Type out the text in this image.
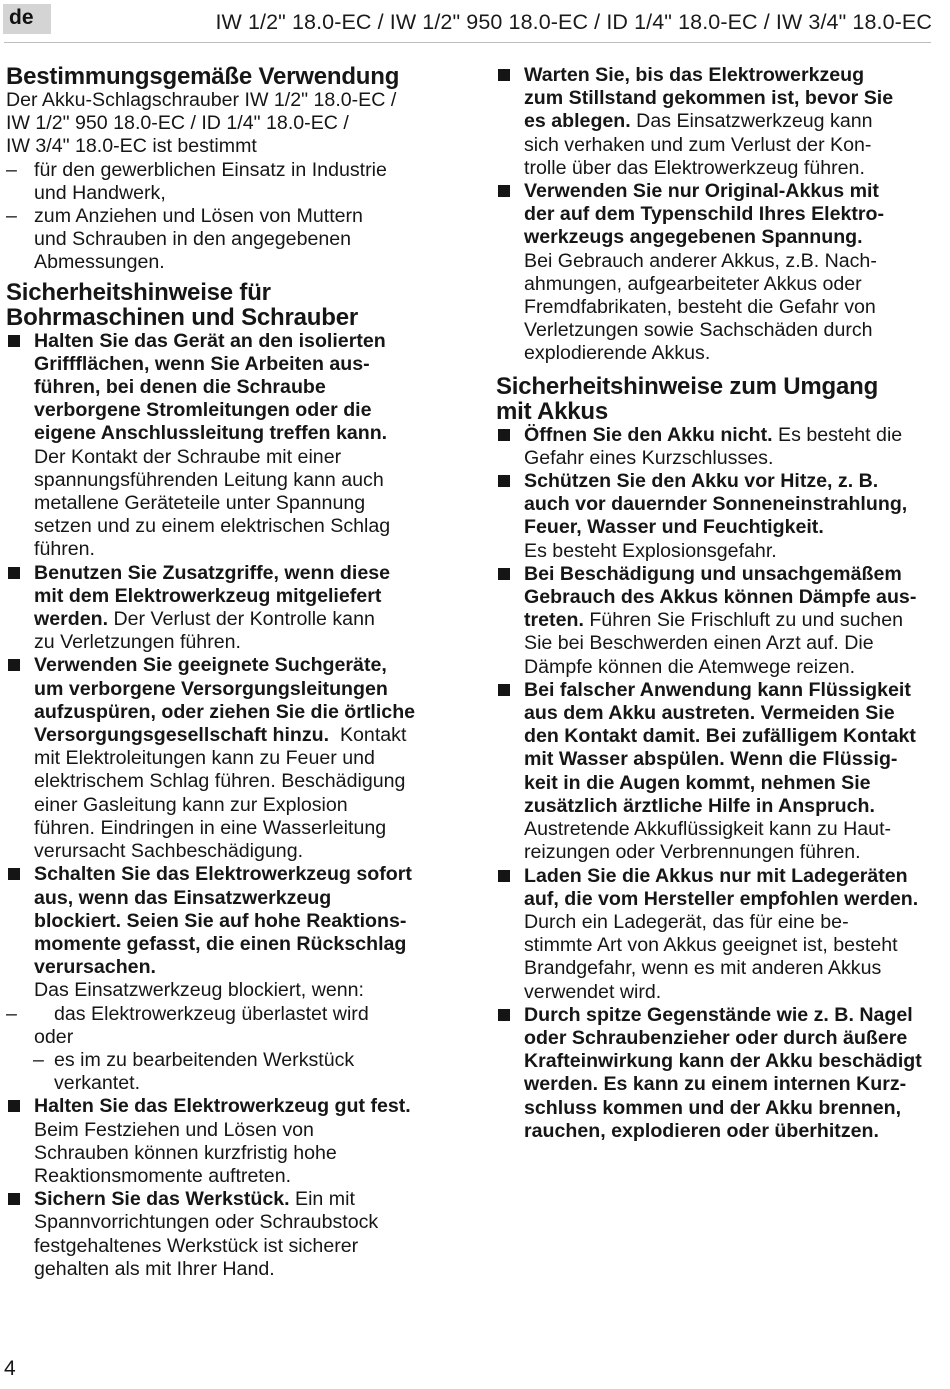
de	IW 1/2" 18.0-EC / IW 1/2" 950 18.0-EC / ID 1/4" 18.0-EC / IW 3/4" 18.0-EC
Bestimmungsgemäße Verwendung

Der Akku-Schlagschrauber IW 1/2" 18.0-EC /

IW 1/2" 950 18.0-EC / ID 1/4" 18.0-EC /

IW 3/4" 18.0-EC ist bestimmt

– für den gewerblichen Einsatz in Industrie

und Handwerk,

– zum Anziehen und Lösen von Muttern

und Schrauben in den angegebenen

Abmessungen.

Sicherheitshinweise für
Bohrmaschinen und Schrauber

Halten Sie das Gerät an den isolierten

Griffflächen, wenn Sie Arbeiten aus-

führen, bei denen die Schraube

verborgene Stromleitungen oder die

eigene Anschlussleitung treffen kann.

Der Kontakt der Schraube mit einer

spannungsführenden Leitung kann auch

metallene Geräteteile unter Spannung

setzen und zu einem elektrischen Schlag

führen.

Benutzen Sie Zusatzgriffe, wenn diese

mit dem Elektrowerkzeug mitgeliefert

werden. Der Verlust der Kontrolle kann

zu Verletzungen führen.

Verwenden Sie geeignete Suchgeräte,

um verborgene Versorgungsleitungen

aufzuspüren, oder ziehen Sie die örtliche

Versorgungsgesellschaft hinzu.  Kontakt

mit Elektroleitungen kann zu Feuer und

elektrischem Schlag führen. Beschädigung

einer Gasleitung kann zur Explosion

führen. Eindringen in eine Wasserleitung

verursacht Sachbeschädigung.

Schalten Sie das Elektrowerkzeug sofort

aus, wenn das Einsatzwerkzeug

blockiert. Seien Sie auf hohe Reaktions-

momente gefasst, die einen Rückschlag

verursachen.

Das Einsatzwerkzeug blockiert, wenn:

– das Elektrowerkzeug überlastet wird

oder

– es im zu bearbeitenden Werkstück

verkantet.

Halten Sie das Elektrowerkzeug gut fest.

Beim Festziehen und Lösen von

Schrauben können kurzfristig hohe

Reaktionsmomente auftreten.

Sichern Sie das Werkstück. Ein mit

Spannvorrichtungen oder Schraubstock

festgehaltenes Werkstück ist sicherer

gehalten als mit Ihrer Hand.

Warten Sie, bis das Elektrowerkzeug

zum Stillstand gekommen ist, bevor Sie

es ablegen. Das Einsatzwerkzeug kann

sich verhaken und zum Verlust der Kon-

trolle über das Elektrowerkzeug führen.

Verwenden Sie nur Original-Akkus mit

der auf dem Typenschild Ihres Elektro-

werkzeugs angegebenen Spannung.

Bei Gebrauch anderer Akkus, z.B. Nach-

ahmungen, aufgearbeiteter Akkus oder

Fremdfabrikaten, besteht die Gefahr von

Verletzungen sowie Sachschäden durch

explodierende Akkus.

Sicherheitshinweise zum Umgang
mit Akkus

Öffnen Sie den Akku nicht. Es besteht die

Gefahr eines Kurzschlusses.

Schützen Sie den Akku vor Hitze, z. B.

auch vor dauernder Sonneneinstrahlung,

Feuer, Wasser und Feuchtigkeit.

Es besteht Explosionsgefahr.

Bei Beschädigung und unsachgemäßem

Gebrauch des Akkus können Dämpfe aus-

treten. Führen Sie Frischluft zu und suchen

Sie bei Beschwerden einen Arzt auf. Die

Dämpfe können die Atemwege reizen.

Bei falscher Anwendung kann Flüssigkeit

aus dem Akku austreten. Vermeiden Sie

den Kontakt damit. Bei zufälligem Kontakt

mit Wasser abspülen. Wenn die Flüssig-

keit in die Augen kommt, nehmen Sie

zusätzlich ärztliche Hilfe in Anspruch.

Austretende Akkuflüssigkeit kann zu Haut-

reizungen oder Verbrennungen führen.

Laden Sie die Akkus nur mit Ladegeräten

auf, die vom Hersteller empfohlen werden.

Durch ein Ladegerät, das für eine be-

stimmte Art von Akkus geeignet ist, besteht

Brandgefahr, wenn es mit anderen Akkus

verwendet wird.

Durch spitze Gegenstände wie z. B. Nagel

oder Schraubenzieher oder durch äußere

Krafteinwirkung kann der Akku beschädigt

werden. Es kann zu einem internen Kurz-

schluss kommen und der Akku brennen,

rauchen, explodieren oder überhitzen.

4
